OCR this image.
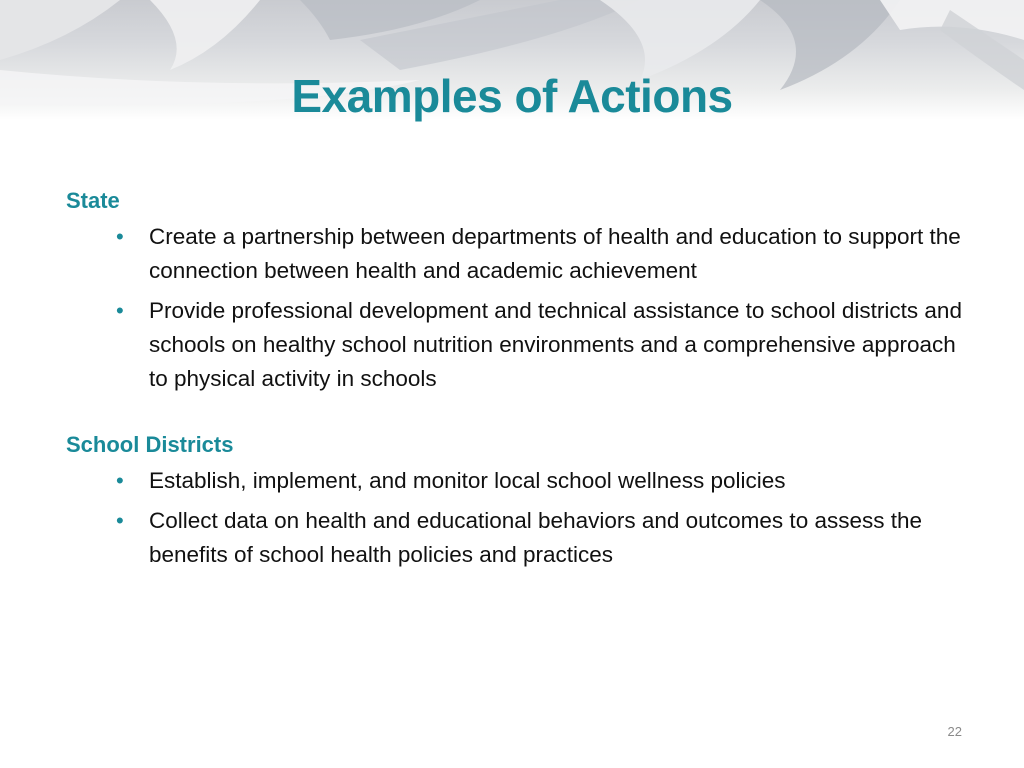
Examples of Actions

State

• Create a partnership between departments of health and education to support the connection between health and academic achievement
• Provide professional development and technical assistance to school districts and schools on healthy school nutrition environments and a comprehensive approach to physical activity in schools

School Districts

• Establish, implement, and monitor local school wellness policies
• Collect data on health and educational behaviors and outcomes to assess the benefits of school health policies and practices
22
